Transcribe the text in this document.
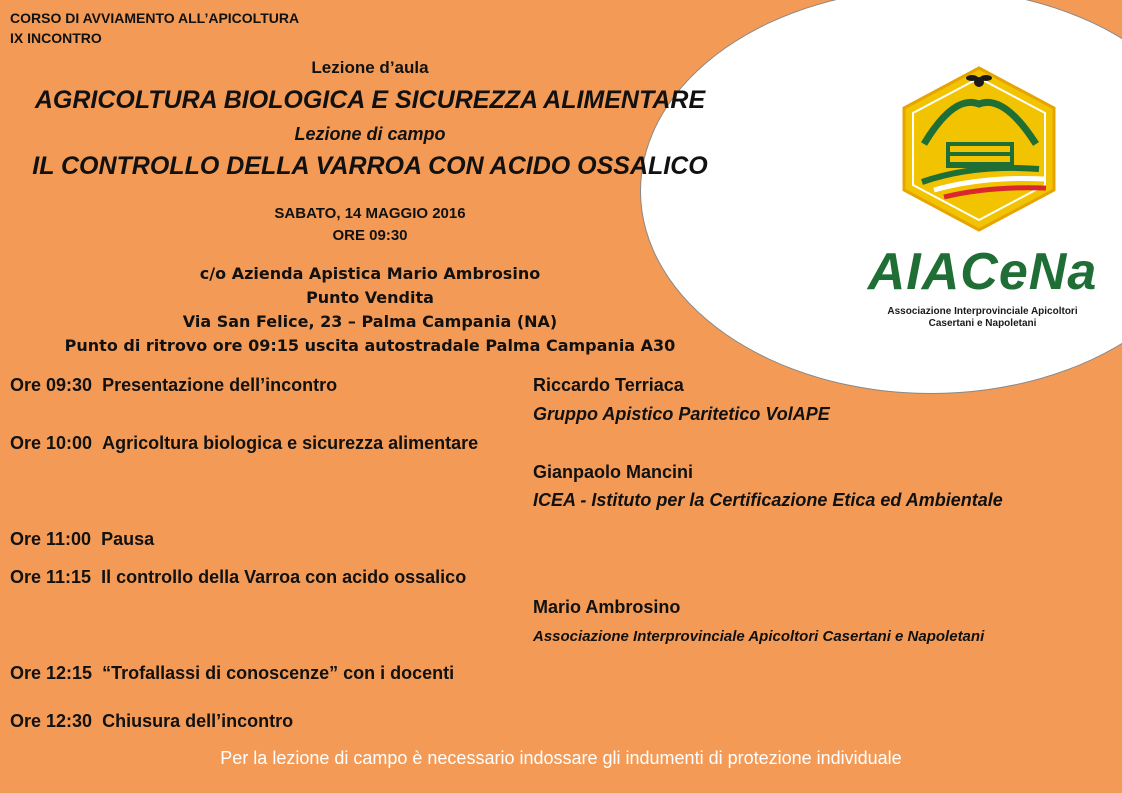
AIACeNa
Associazione Interprovinciale Apicoltori
Casertani e Napoletani
CORSO DI AVVIAMENTO ALL’APICOLTURA
IX INCONTRO
Lezione d’aula
AGRICOLTURA BIOLOGICA E SICUREZZA ALIMENTARE
Lezione di campo
IL CONTROLLO DELLA VARROA CON ACIDO OSSALICO
SABATO, 14 MAGGIO 2016
ORE 09:30
c/o Azienda Apistica Mario Ambrosino
Punto Vendita
Via San Felice, 23 – Palma Campania (NA)
Punto di ritrovo ore 09:15 uscita autostradale Palma Campania A30
Ore 09:30 Presentazione dell’incontro
Ore 10:00 Agricoltura biologica e sicurezza alimentare
Ore 11:00 Pausa
Ore 11:15 Il controllo della Varroa con acido ossalico
Ore 12:15 “Trofallassi di conoscenze” con i docenti
Ore 12:30 Chiusura dell’incontro
Riccardo Terriaca
Gruppo Apistico Paritetico VolAPE
Gianpaolo Mancini
ICEA - Istituto per la Certificazione Etica ed Ambientale
Mario Ambrosino
Associazione Interprovinciale Apicoltori Casertani e Napoletani
Per la lezione di campo è necessario indossare gli indumenti di protezione individuale
